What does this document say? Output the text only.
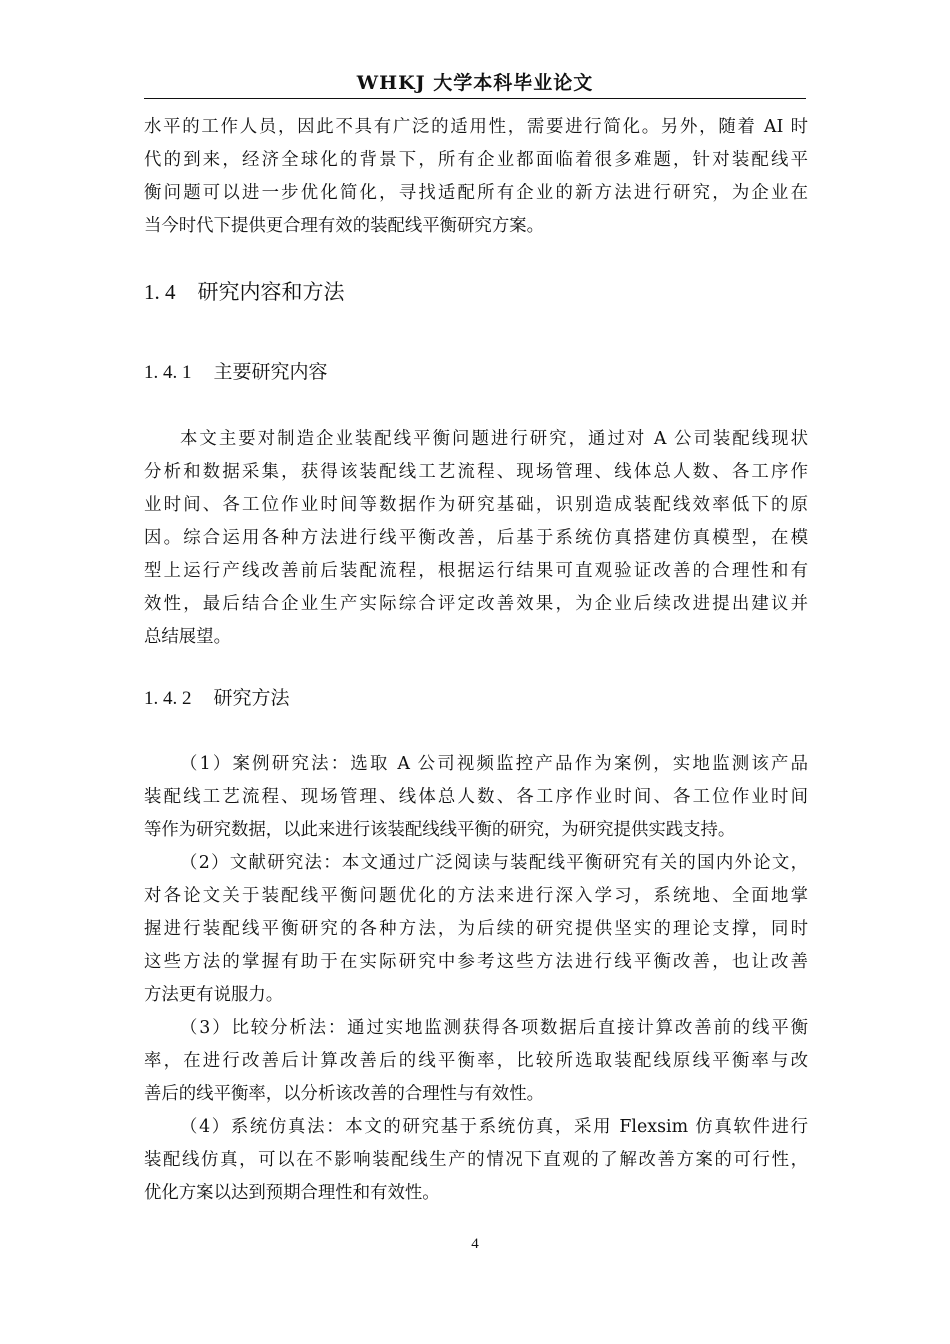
WHKJ 大学本科毕业论文
水平的工作人员，因此不具有广泛的适用性，需要进行简化。另外，随着 AI 时
代的到来，经济全球化的背景下，所有企业都面临着很多难题，针对装配线平
衡问题可以进一步优化简化，寻找适配所有企业的新方法进行研究，为企业在
当今时代下提供更合理有效的装配线平衡研究方案。
1. 4 研究内容和方法
1. 4. 1 主要研究内容
本文主要对制造企业装配线平衡问题进行研究，通过对 A 公司装配线现状
分析和数据采集，获得该装配线工艺流程、现场管理、线体总人数、各工序作
业时间、各工位作业时间等数据作为研究基础，识别造成装配线效率低下的原
因。综合运用各种方法进行线平衡改善，后基于系统仿真搭建仿真模型，在模
型上运行产线改善前后装配流程，根据运行结果可直观验证改善的合理性和有
效性，最后结合企业生产实际综合评定改善效果，为企业后续改进提出建议并
总结展望。
1. 4. 2 研究方法
（1）案例研究法：选取 A 公司视频监控产品作为案例，实地监测该产品
装配线工艺流程、现场管理、线体总人数、各工序作业时间、各工位作业时间
等作为研究数据，以此来进行该装配线线平衡的研究，为研究提供实践支持。
（2）文献研究法：本文通过广泛阅读与装配线平衡研究有关的国内外论文，
对各论文关于装配线平衡问题优化的方法来进行深入学习，系统地、全面地掌
握进行装配线平衡研究的各种方法，为后续的研究提供坚实的理论支撑，同时
这些方法的掌握有助于在实际研究中参考这些方法进行线平衡改善，也让改善
方法更有说服力。
（3）比较分析法：通过实地监测获得各项数据后直接计算改善前的线平衡
率，在进行改善后计算改善后的线平衡率，比较所选取装配线原线平衡率与改
善后的线平衡率，以分析该改善的合理性与有效性。
（4）系统仿真法：本文的研究基于系统仿真，采用 Flexsim 仿真软件进行
装配线仿真，可以在不影响装配线生产的情况下直观的了解改善方案的可行性，
优化方案以达到预期合理性和有效性。
4
